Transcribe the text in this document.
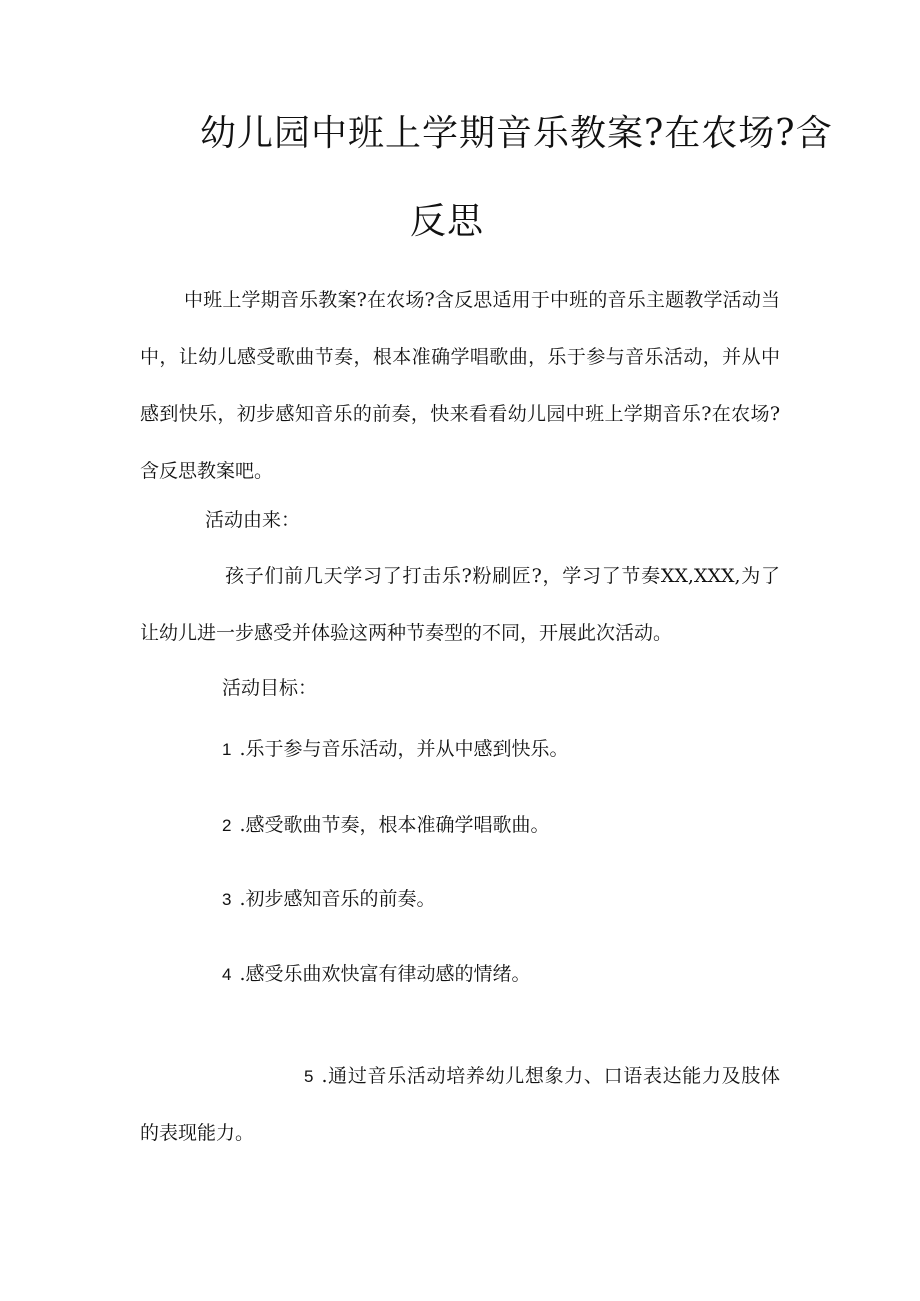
幼儿园中班上学期音乐教案?在农场?含
反思
中班上学期音乐教案?在农场?含反思适用于中班的音乐主题教学活动当中，让幼儿感受歌曲节奏，根本准确学唱歌曲，乐于参与音乐活动，并从中感到快乐，初步感知音乐的前奏，快来看看幼儿园中班上学期音乐?在农场?含反思教案吧。
活动由来：
孩子们前几天学习了打击乐?粉刷匠?，学习了节奏XX,XXX,为了让幼儿进一步感受并体验这两种节奏型的不同，开展此次活动。
活动目标：
1 .乐于参与音乐活动，并从中感到快乐。
2 .感受歌曲节奏，根本准确学唱歌曲。
3 .初步感知音乐的前奏。
4 .感受乐曲欢快富有律动感的情绪。
5 .通过音乐活动培养幼儿想象力、口语表达能力及肢体的表现能力。
